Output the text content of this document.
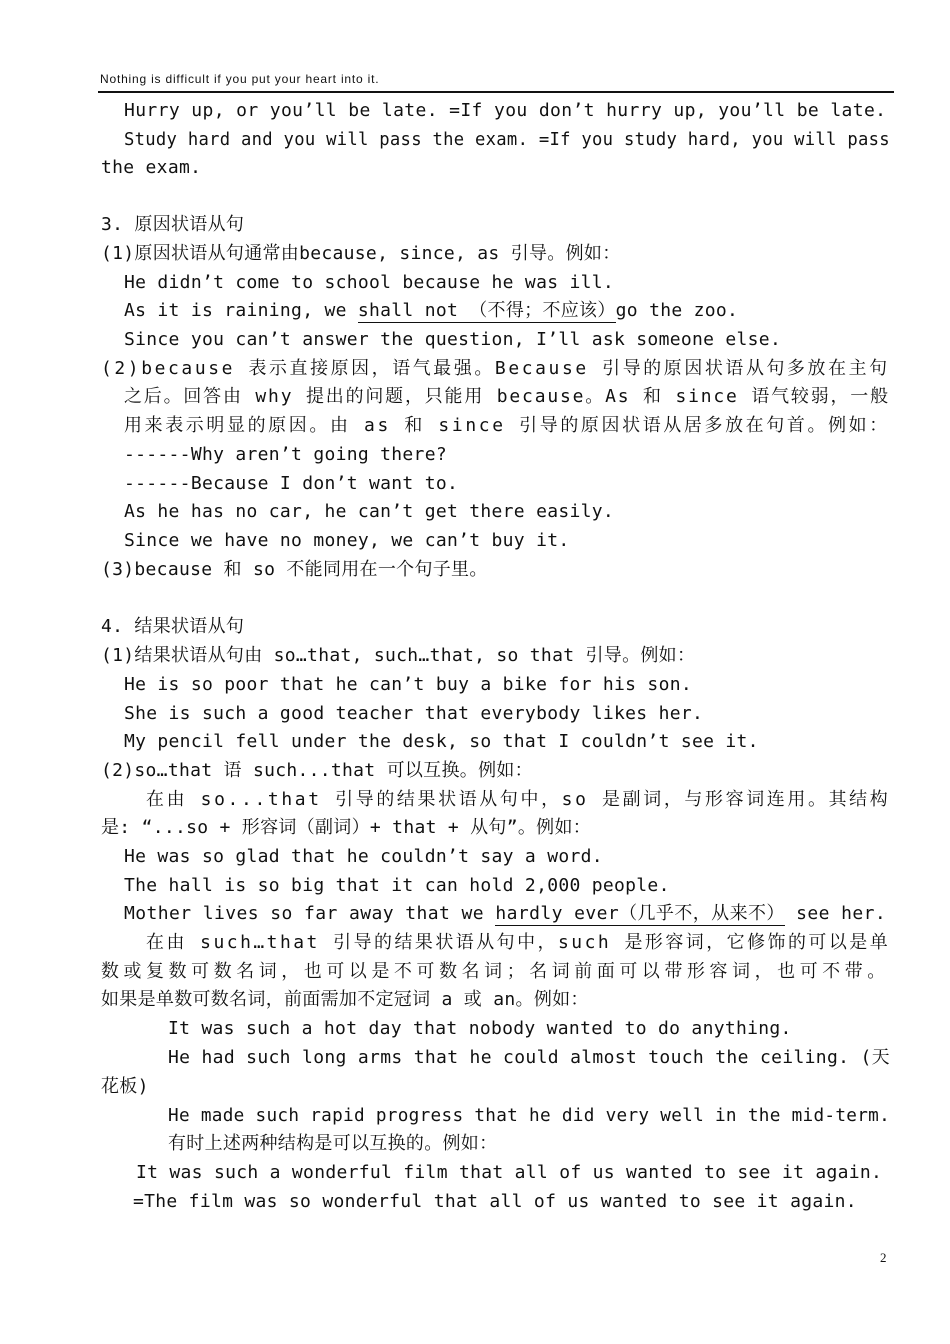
Nothing is difficult if you put your heart into it.
Hurry up, or you’ll be late. =If you don’t hurry up, you’ll be late.
Study hard and you will pass the exam. =If you study hard, you will pass
the exam.
3. 原因状语从句
(1)原因状语从句通常由because, since, as 引导。例如：
He didn’t come to school because he was ill.
As it is raining, we shall not （不得；不应该）go the zoo.
Since you can’t answer the question, I’ll ask someone else.
(2)because 表示直接原因，语气最强。Because 引导的原因状语从句多放在主句
之后。回答由 why 提出的问题，只能用 because。As 和 since 语气较弱，一般
用来表示明显的原因。由 as 和 since 引导的原因状语从居多放在句首。例如：
------Why aren’t going there?
------Because I don’t want to.
As he has no car, he can’t get there easily.
Since we have no money, we can’t buy it.
(3)because 和 so 不能同用在一个句子里。
4. 结果状语从句
(1)结果状语从句由 so…that, such…that, so that 引导。例如：
He is so poor that he can’t buy a bike for his son.
She is such a good teacher that everybody likes her.
My pencil fell under the desk, so that I couldn’t see it.
(2)so…that 语 such...that 可以互换。例如：
在由 so...that 引导的结果状语从句中，so 是副词，与形容词连用。其结构
是: “...so + 形容词（副词）+ that + 从句”。例如：
He was so glad that he couldn’t say a word.
The hall is so big that it can hold 2,000 people.
Mother lives so far away that we hardly ever（几乎不，从来不） see her.
在由 such…that 引导的结果状语从句中，such 是形容词，它修饰的可以是单
数或复数可数名词，也可以是不可数名词；名词前面可以带形容词，也可不带。
如果是单数可数名词，前面需加不定冠词 a 或 an。例如：
It was such a hot day that nobody wanted to do anything.
He had such long arms that he could almost touch the ceiling. (天
花板)
He made such rapid progress that he did very well in the mid-term.
有时上述两种结构是可以互换的。例如：
It was such a wonderful film that all of us wanted to see it again.
=The film was so wonderful that all of us wanted to see it again.
2
